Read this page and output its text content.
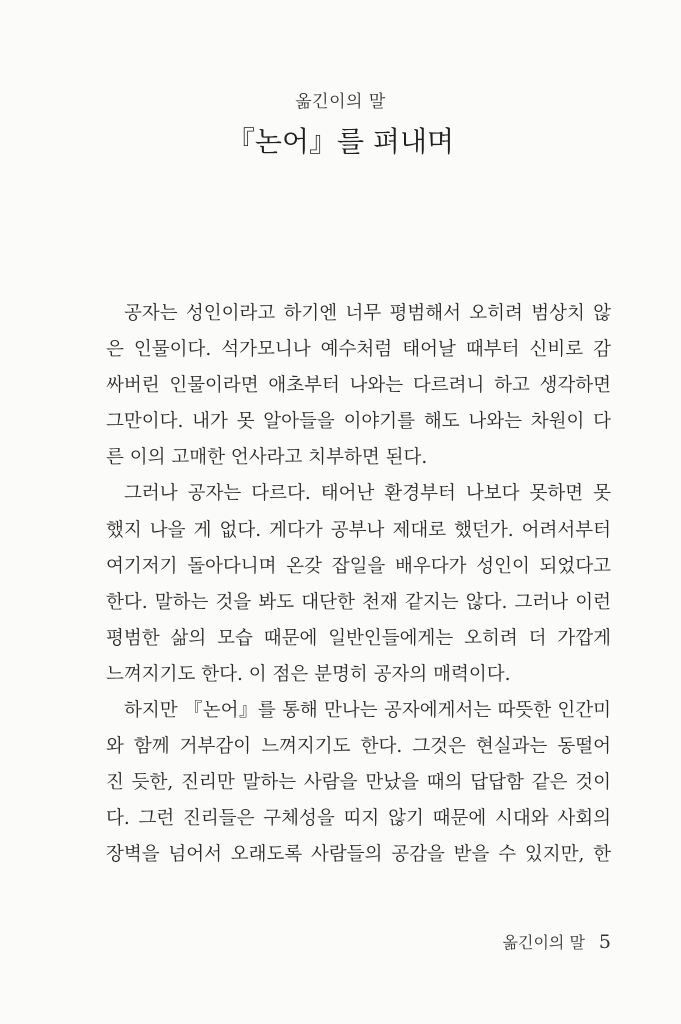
옮긴이의 말
『논어』를 펴내며
공자는 성인이라고 하기엔 너무 평범해서 오히려 범상치 않
은 인물이다. 석가모니나 예수처럼 태어날 때부터 신비로 감
싸버린 인물이라면 애초부터 나와는 다르려니 하고 생각하면
그만이다. 내가 못 알아들을 이야기를 해도 나와는 차원이 다
른 이의 고매한 언사라고 치부하면 된다.
그러나 공자는 다르다. 태어난 환경부터 나보다 못하면 못
했지 나을 게 없다. 게다가 공부나 제대로 했던가. 어려서부터
여기저기 돌아다니며 온갖 잡일을 배우다가 성인이 되었다고
한다. 말하는 것을 봐도 대단한 천재 같지는 않다. 그러나 이런
평범한 삶의 모습 때문에 일반인들에게는 오히려 더 가깝게
느껴지기도 한다. 이 점은 분명히 공자의 매력이다.
하지만 『논어』를 통해 만나는 공자에게서는 따뜻한 인간미
와 함께 거부감이 느껴지기도 한다. 그것은 현실과는 동떨어
진 듯한, 진리만 말하는 사람을 만났을 때의 답답함 같은 것이
다. 그런 진리들은 구체성을 띠지 않기 때문에 시대와 사회의
장벽을 넘어서 오래도록 사람들의 공감을 받을 수 있지만, 한
옮긴이의 말 5
